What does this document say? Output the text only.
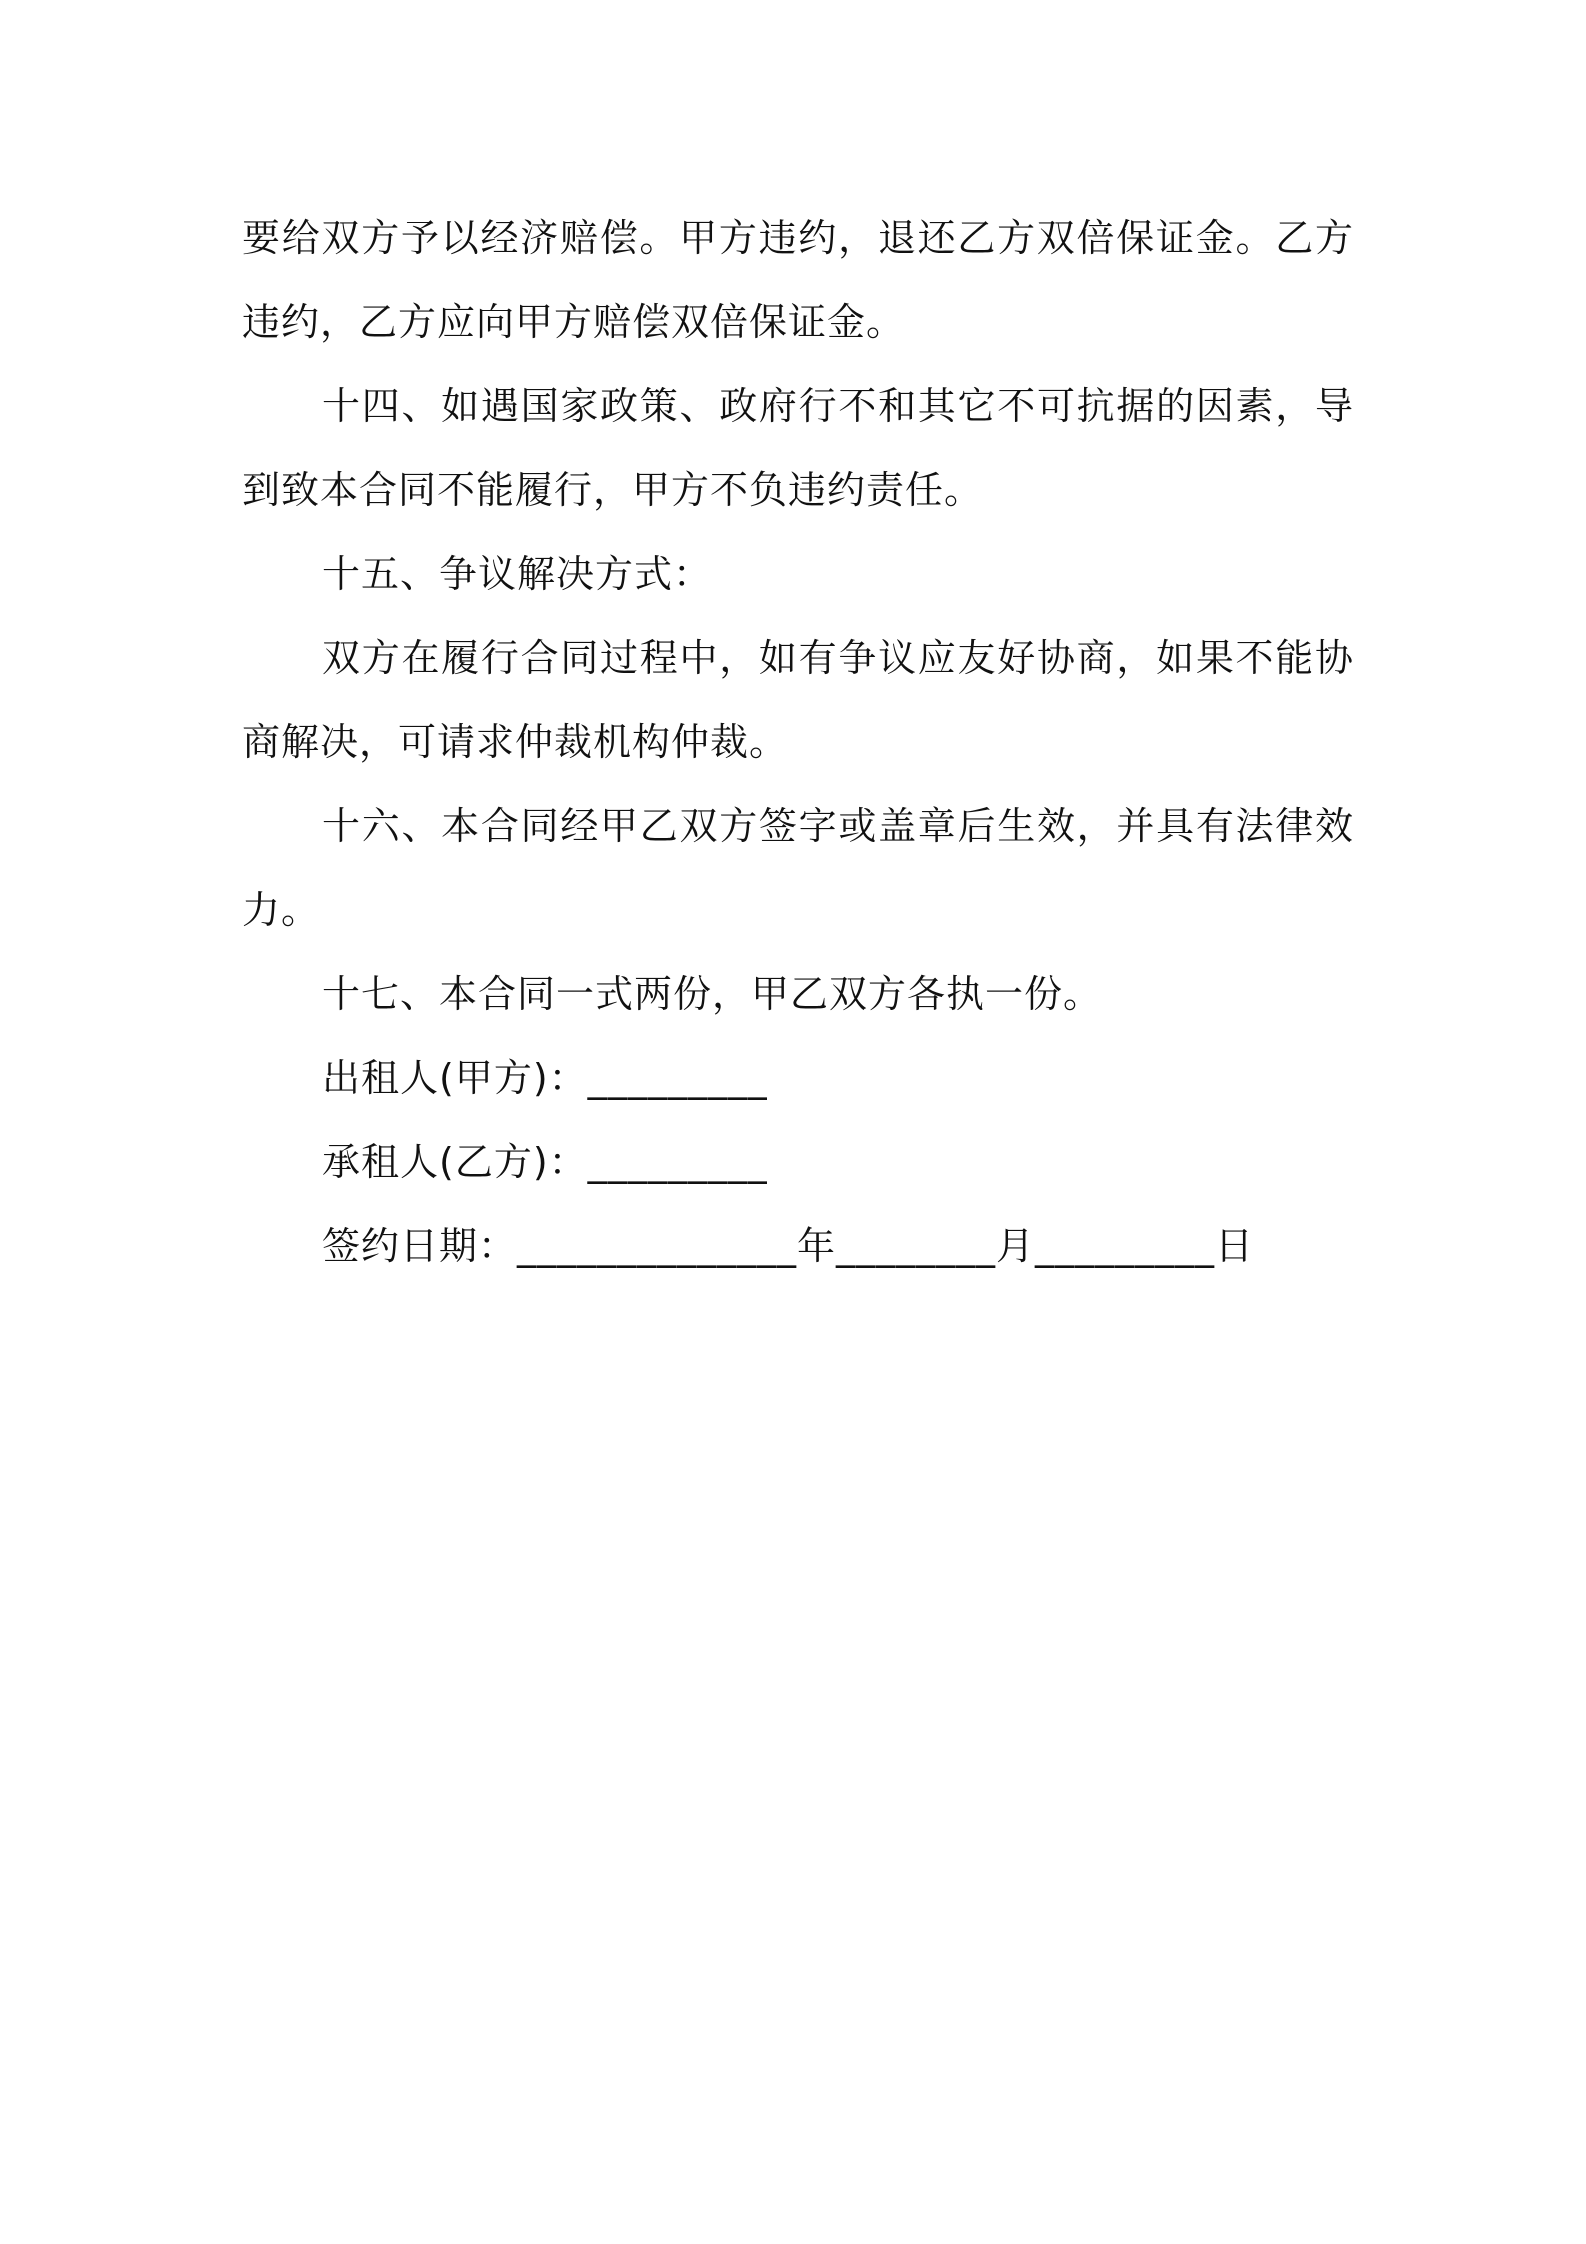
要给双方予以经济赔偿。甲方违约，退还乙方双倍保证金。乙方违约，乙方应向甲方赔偿双倍保证金。

十四、如遇国家政策、政府行不和其它不可抗据的因素，导到致本合同不能履行，甲方不负违约责任。

十五、争议解决方式：

双方在履行合同过程中，如有争议应友好协商，如果不能协商解决，可请求仲裁机构仲裁。

十六、本合同经甲乙双方签字或盖章后生效，并具有法律效力。

十七、本合同一式两份，甲乙双方各执一份。

出租人(甲方)：_________

承租人(乙方)：_________

签约日期：______________年________月_________日
